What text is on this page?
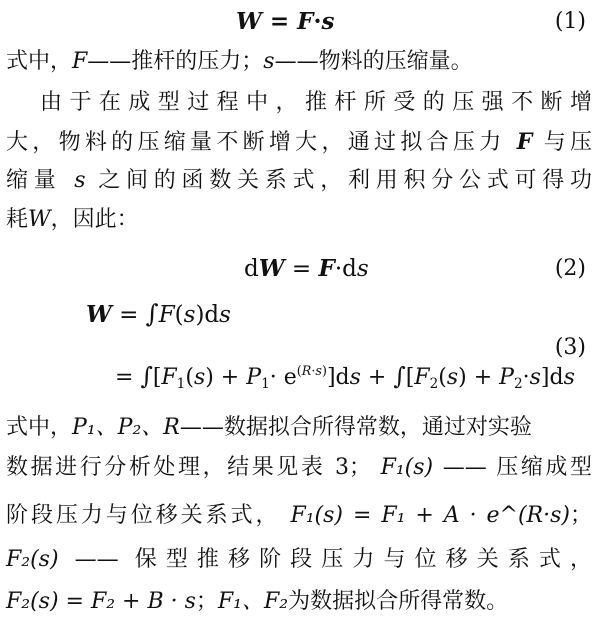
W = F·s	(1)
式中，F——推杆的压力；s——物料的压缩量。
由于在成型过程中，推杆所受的压强不断增
大，物料的压缩量不断增大，通过拟合压力 F 与压
缩量 s 之间的函数关系式，利用积分公式可得功
耗W，因此：
dW = F·ds	(2)
W = ∫F(s)ds
= $\int[F_1(s) + P_1\cdot e^{(R\cdot s)}]ds + \int[F_2(s) + P_2\cdot s]ds$
(3)
式中，P₁、P₂、R——数据拟合所得常数，通过对实验
数据进行分析处理，结果见表 3； F₁(s) —— 压缩成型
阶段压力与位移关系式， F₁(s) = F₁ + A · e^(R·s)；
F₂(s) —— 保型推移阶段压力与位移关系式，
F₂(s) = F₂ + B · s；F₁、F₂为数据拟合所得常数。
